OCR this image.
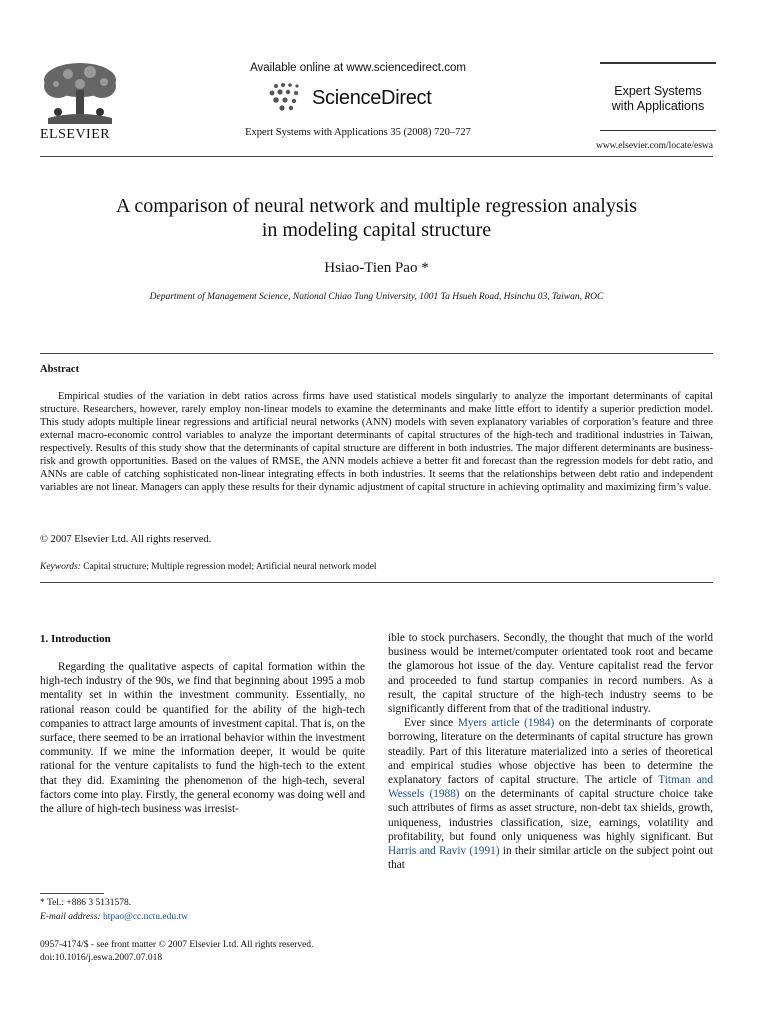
ELSEVIER
Available online at www.sciencedirect.com
ScienceDirect
Expert Systems with Applications 35 (2008) 720–727
Expert Systems
with Applications
www.elsevier.com/locate/eswa
A comparison of neural network and multiple regression analysis
in modeling capital structure
Hsiao-Tien Pao *
Department of Management Science, National Chiao Tung University, 1001 Ta Hsueh Road, Hsinchu 03, Taiwan, ROC
Abstract
Empirical studies of the variation in debt ratios across firms have used statistical models singularly to analyze the important determinants of capital structure. Researchers, however, rarely employ non-linear models to examine the determinants and make little effort to identify a superior prediction model. This study adopts multiple linear regressions and artificial neural networks (ANN) models with seven explanatory variables of corporation’s feature and three external macro-economic control variables to analyze the important determinants of capital structures of the high-tech and traditional industries in Taiwan, respectively. Results of this study show that the determinants of capital structure are different in both industries. The major different determinants are business-risk and growth opportunities. Based on the values of RMSE, the ANN models achieve a better fit and forecast than the regression models for debt ratio, and ANNs are cable of catching sophisticated non-linear integrating effects in both industries. It seems that the relationships between debt ratio and independent variables are not linear. Managers can apply these results for their dynamic adjustment of capital structure in achieving optimality and maximizing firm’s value.
© 2007 Elsevier Ltd. All rights reserved.
Keywords: Capital structure; Multiple regression model; Artificial neural network model
1. Introduction
Regarding the qualitative aspects of capital formation within the high-tech industry of the 90s, we find that beginning about 1995 a mob mentality set in within the investment community. Essentially, no rational reason could be quantified for the ability of the high-tech companies to attract large amounts of investment capital. That is, on the surface, there seemed to be an irrational behavior within the investment community. If we mine the information deeper, it would be quite rational for the venture capitalists to fund the high-tech to the extent that they did. Examining the phenomenon of the high-tech, several factors come into play. Firstly, the general economy was doing well and the allure of high-tech business was irresist-

ible to stock purchasers. Secondly, the thought that much of the world business would be internet/computer orientated took root and became the glamorous hot issue of the day. Venture capitalist read the fervor and proceeded to fund startup companies in record numbers. As a result, the capital structure of the high-tech industry seems to be significantly different from that of the traditional industry.

Ever since Myers article (1984) on the determinants of corporate borrowing, literature on the determinants of capital structure has grown steadily. Part of this literature materialized into a series of theoretical and empirical studies whose objective has been to determine the explanatory factors of capital structure. The article of Titman and Wessels (1988) on the determinants of capital structure choice take such attributes of firms as asset structure, non-debt tax shields, growth, uniqueness, industries classification, size, earnings, volatility and profitability, but found only uniqueness was highly significant. But Harris and Raviv (1991) in their similar article on the subject point out that

* Tel.: +886 3 5131578.
E-mail address: htpao@cc.nctu.edu.tw
0957-4174/$ - see front matter © 2007 Elsevier Ltd. All rights reserved.
doi:10.1016/j.eswa.2007.07.018
